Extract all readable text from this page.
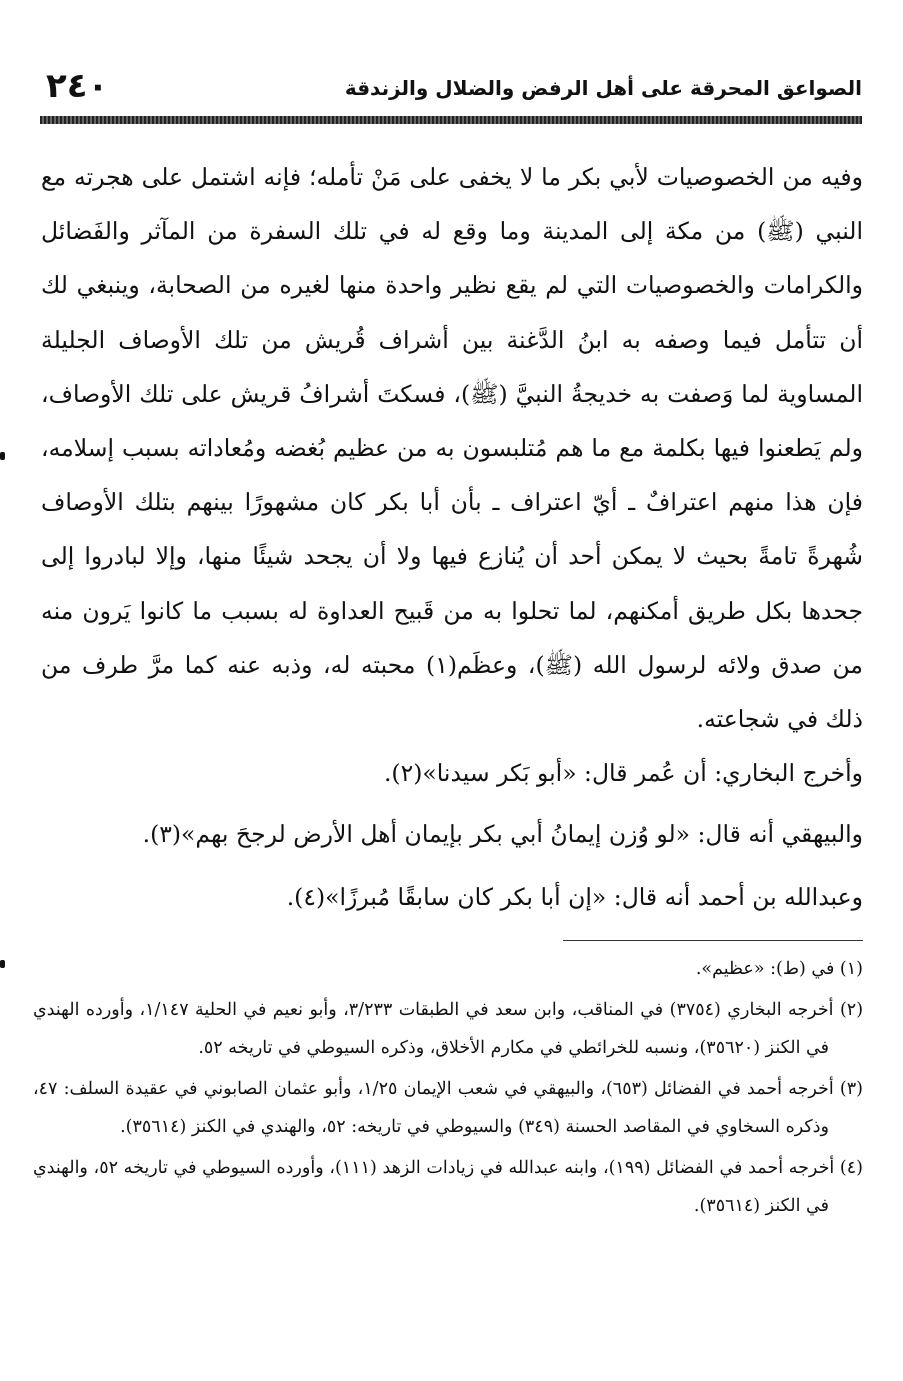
الصواعق المحرقة على أهل الرفض والضلال والزندقة
٢٤٠

وفيه من الخصوصيات لأبي بكر ما لا يخفى على مَنْ تأمله؛ فإنه اشتمل على هجرته مع النبي (ﷺ) من مكة إلى المدينة وما وقع له في تلك السفرة من المآثر والفَضائل والكرامات والخصوصيات التي لم يقع نظير واحدة منها لغيره من الصحابة، وينبغي لك أن تتأمل فيما وصفه به ابنُ الدَّغنة بين أشراف قُريش من تلك الأوصاف الجليلة المساوية لما وَصفت به خديجةُ النبيَّ (ﷺ)، فسكتَ أشرافُ قريش على تلك الأوصاف، ولم يَطعنوا فيها بكلمة مع ما هم مُتلبسون به من عظيم بُغضه ومُعاداته بسبب إسلامه، فإن هذا منهم اعترافٌ ـ أيّ اعتراف ـ بأن أبا بكر كان مشهورًا بينهم بتلك الأوصاف شُهرةً تامةً بحيث لا يمكن أحد أن يُنازع فيها ولا أن يجحد شيئًا منها، وإلا لبادروا إلى جحدها بكل طريق أمكنهم، لما تحلوا به من قَبيح العداوة له بسبب ما كانوا يَرون منه من صدق ولائه لرسول الله (ﷺ)، وعظَم(١) محبته له، وذبه عنه كما مرَّ طرف من ذلك في شجاعته.

وأخرج البخاري: أن عُمر قال: «أبو بَكر سيدنا»(٢).
والبيهقي أنه قال: «لو وُزن إيمانُ أبي بكر بإيمان أهل الأرض لرجحَ بهم»(٣).
وعبدالله بن أحمد أنه قال: «إن أبا بكر كان سابقًا مُبرزًا»(٤).

(١) في (ط): «عظيم».

(٢) أخرجه البخاري (٣٧٥٤) في المناقب، وابن سعد في الطبقات ٣/٢٣٣، وأبو نعيم في الحلية ١/١٤٧، وأورده الهندي في الكنز (٣٥٦٢٠)، ونسبه للخرائطي في مكارم الأخلاق، وذكره السيوطي في تاريخه ٥٢.

(٣) أخرجه أحمد في الفضائل (٦٥٣)، والبيهقي في شعب الإيمان ١/٢٥، وأبو عثمان الصابوني في عقيدة السلف: ٤٧، وذكره السخاوي في المقاصد الحسنة (٣٤٩) والسيوطي في تاريخه: ٥٢، والهندي في الكنز (٣٥٦١٤).

(٤) أخرجه أحمد في الفضائل (١٩٩)، وابنه عبدالله في زيادات الزهد (١١١)، وأورده السيوطي في تاريخه ٥٢، والهندي في الكنز (٣٥٦١٤).
